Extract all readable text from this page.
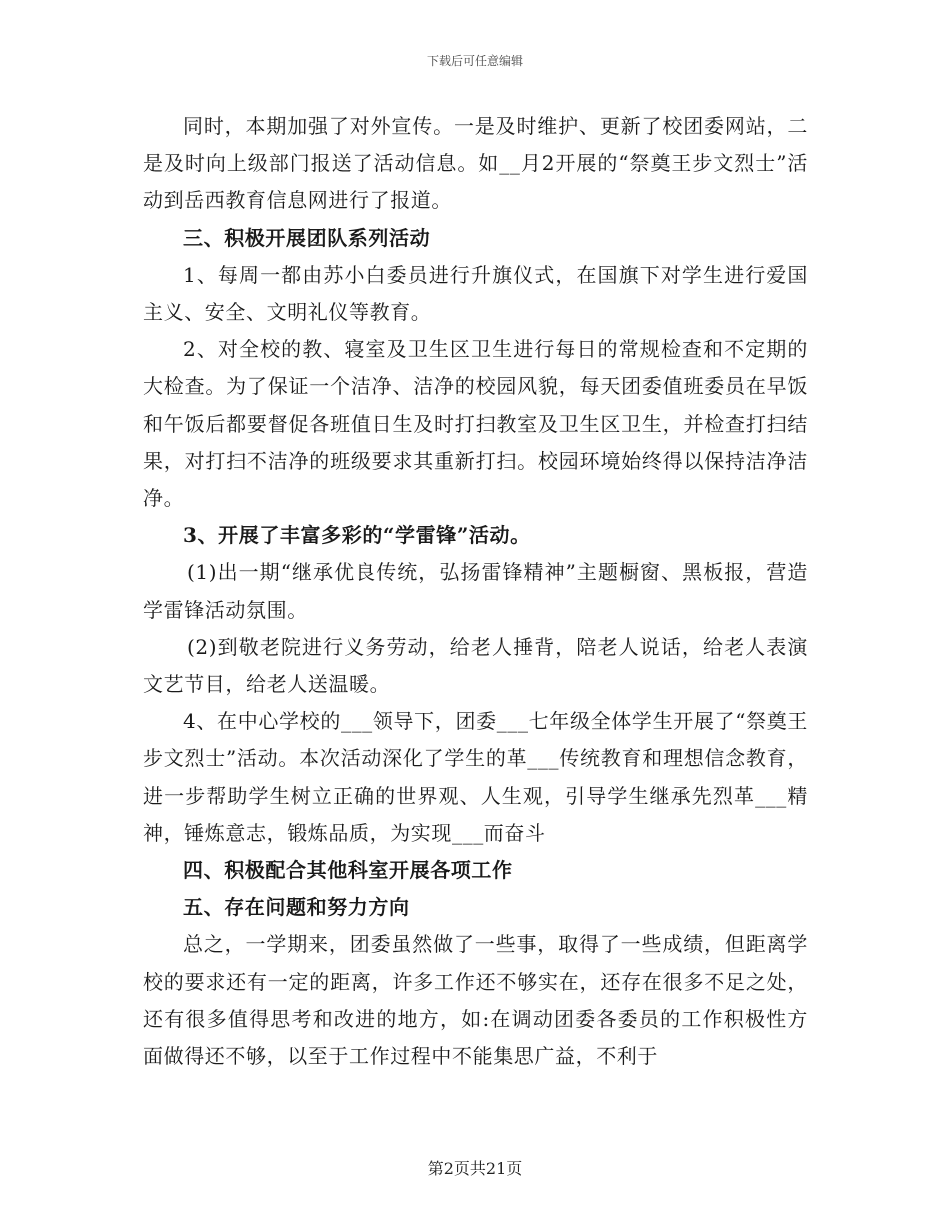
下载后可任意编辑

同时，本期加强了对外宣传。一是及时维护、更新了校团委网站，二是及时向上级部门报送了活动信息。如__月2开展的“祭奠王步文烈士”活动到岳西教育信息网进行了报道。

三、积极开展团队系列活动

1、每周一都由苏小白委员进行升旗仪式，在国旗下对学生进行爱国主义、安全、文明礼仪等教育。

2、对全校的教、寝室及卫生区卫生进行每日的常规检查和不定期的大检查。为了保证一个洁净、洁净的校园风貌，每天团委值班委员在早饭和午饭后都要督促各班值日生及时打扫教室及卫生区卫生，并检查打扫结果，对打扫不洁净的班级要求其重新打扫。校园环境始终得以保持洁净洁净。

3、开展了丰富多彩的“学雷锋”活动。

(1)出一期“继承优良传统，弘扬雷锋精神”主题橱窗、黑板报，营造学雷锋活动氛围。

(2)到敬老院进行义务劳动，给老人捶背，陪老人说话，给老人表演文艺节目，给老人送温暖。

4、在中心学校的___领导下，团委___七年级全体学生开展了“祭奠王步文烈士”活动。本次活动深化了学生的革___传统教育和理想信念教育，进一步帮助学生树立正确的世界观、人生观，引导学生继承先烈革___精神，锤炼意志，锻炼品质，为实现___而奋斗

四、积极配合其他科室开展各项工作

五、存在问题和努力方向

总之，一学期来，团委虽然做了一些事，取得了一些成绩，但距离学校的要求还有一定的距离，许多工作还不够实在，还存在很多不足之处，还有很多值得思考和改进的地方，如:在调动团委各委员的工作积极性方面做得还不够，以至于工作过程中不能集思广益，不利于

第2页共21页
